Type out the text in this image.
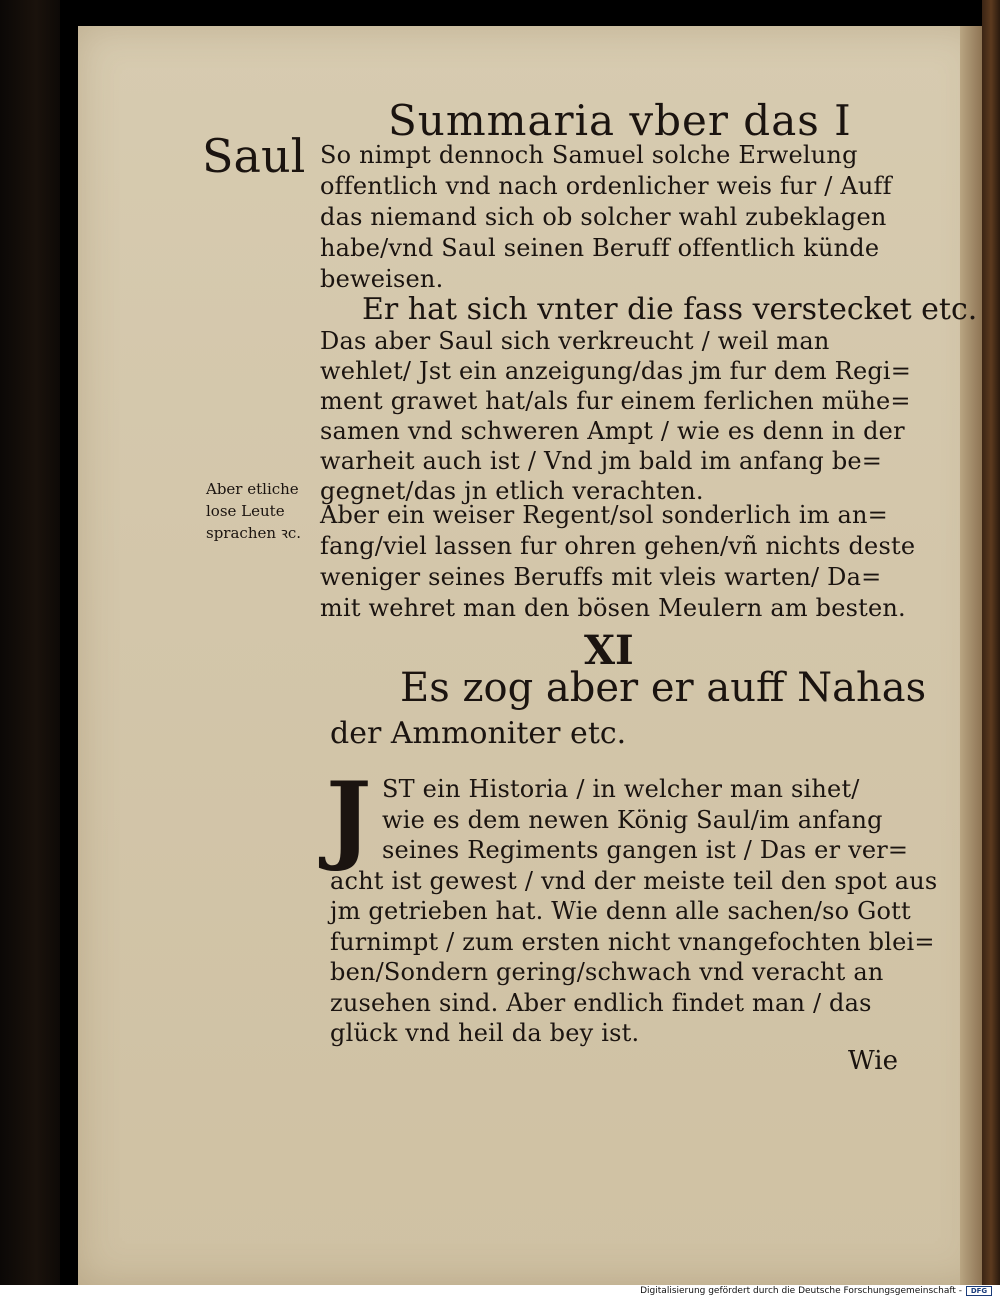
Summaria vber das I
Saul
Aber etliche
lose Leute
sprachen ꝛc.
So nimpt dennoch Samuel solche Erwelung
offentlich vnd nach ordenlicher weis fur / Auff
das niemand sich ob solcher wahl zubeklagen
habe/vnd Saul seinen Beruff offentlich künde
beweisen.
Er hat sich vnter die fass verstecket etc.
Das aber Saul sich verkreucht / weil man
wehlet/ Jst ein anzeigung/das jm fur dem Regi=
ment grawet hat/als fur einem ferlichen mühe=
samen vnd schweren Ampt / wie es denn in der
warheit auch ist / Vnd jm bald im anfang be=
gegnet/das jn etlich verachten.
Aber ein weiser Regent/sol sonderlich im an=
fang/viel lassen fur ohren gehen/vñ nichts deste
weniger seines Beruffs mit vleis warten/ Da=
mit wehret man den bösen Meulern am besten.
XI
Es zog aber er auff Nahas
der Ammoniter etc.
J ST ein Historia / in welcher man sihet/
wie es dem newen König Saul/im anfang
seines Regiments gangen ist / Das er ver=
acht ist gewest / vnd der meiste teil den spot aus
jm getrieben hat. Wie denn alle sachen/so Gott
furnimpt / zum ersten nicht vnangefochten blei=
ben/Sondern gering/schwach vnd veracht an
zusehen sind. Aber endlich findet man / das
glück vnd heil da bey ist.
Wie
Digitalisierung gefördert durch die Deutsche Forschungsgemeinschaft -	DFG
